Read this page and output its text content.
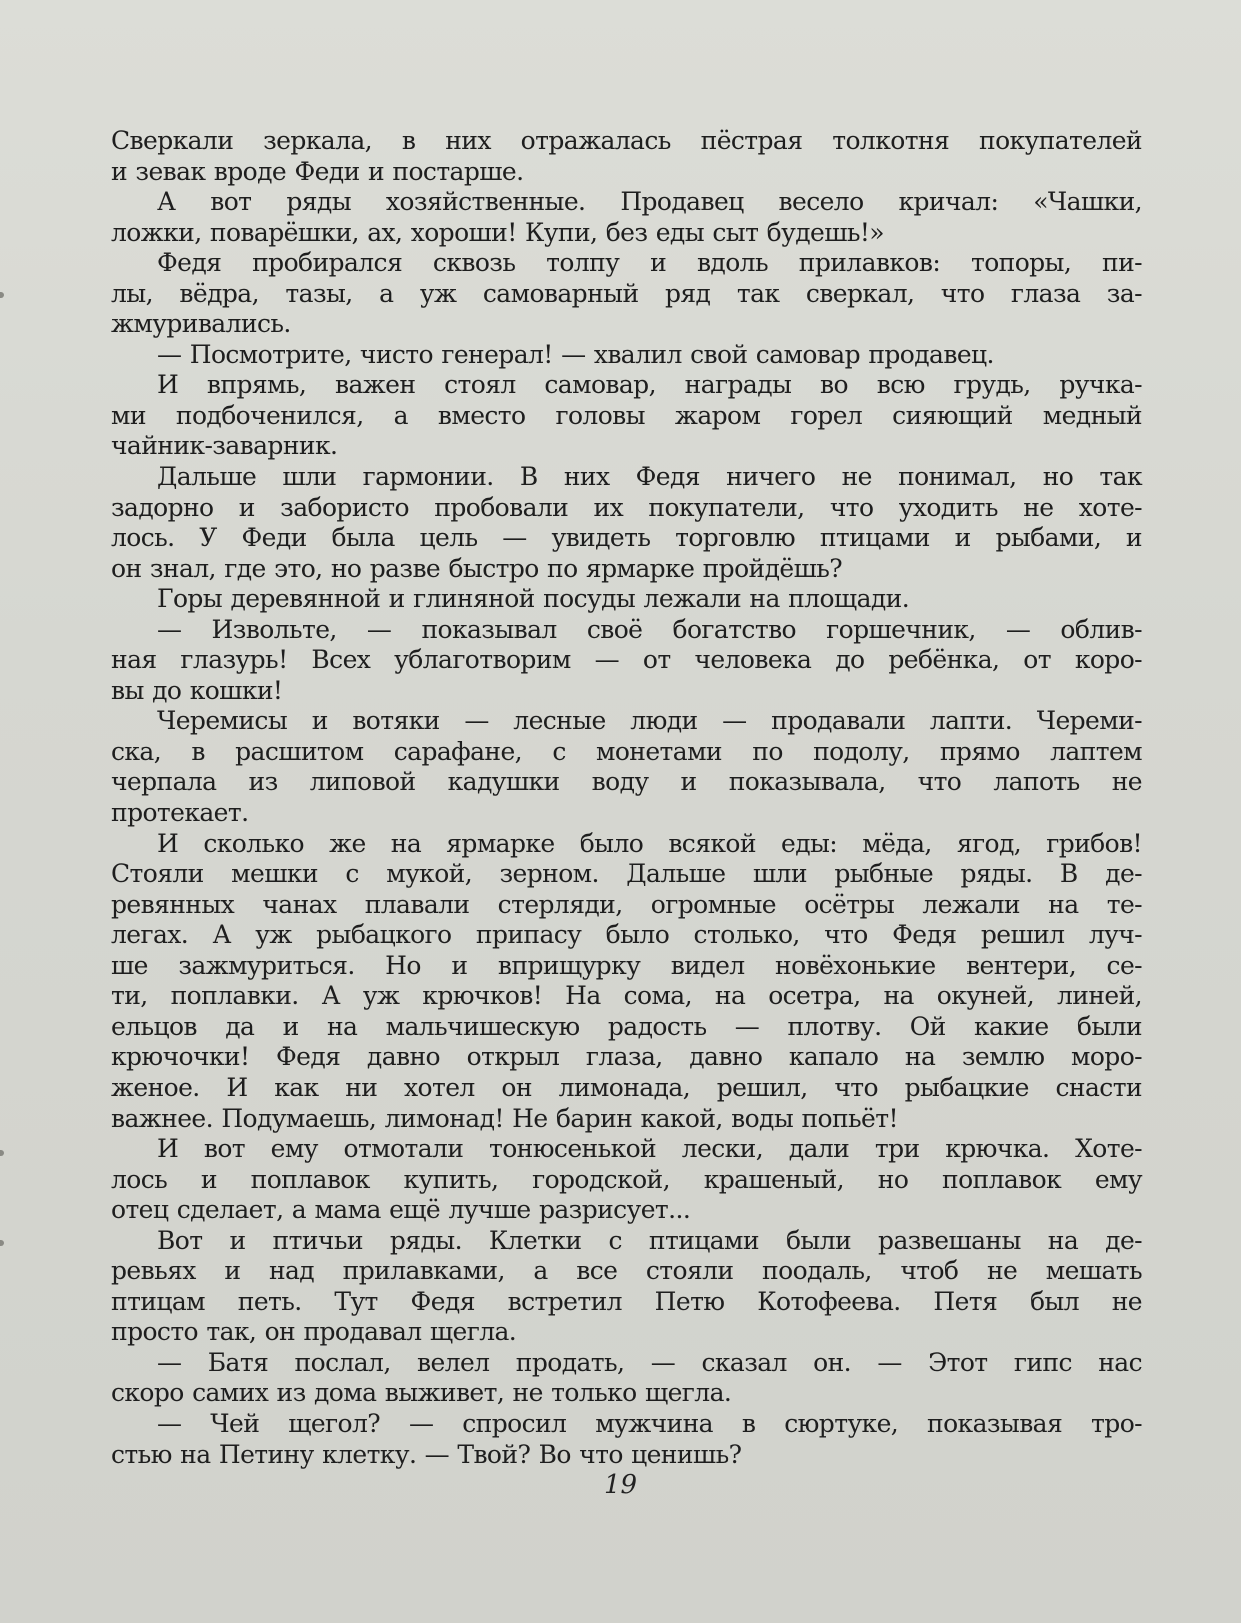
Сверкали зеркала, в них отражалась пёстрая толкотня покупателей
и зевак вроде Феди и постарше.
А вот ряды хозяйственные. Продавец весело кричал: «Чашки,
ложки, поварёшки, ах, хороши! Купи, без еды сыт будешь!»
Федя пробирался сквозь толпу и вдоль прилавков: топоры, пи-
лы, вёдра, тазы, а уж самоварный ряд так сверкал, что глаза за-
жмуривались.
— Посмотрите, чисто генерал! — хвалил свой самовар продавец.
И впрямь, важен стоял самовар, награды во всю грудь, ручка-
ми подбоченился, а вместо головы жаром горел сияющий медный
чайник-заварник.
Дальше шли гармонии. В них Федя ничего не понимал, но так
задорно и забористо пробовали их покупатели, что уходить не хоте-
лось. У Феди была цель — увидеть торговлю птицами и рыбами, и
он знал, где это, но разве быстро по ярмарке пройдёшь?
Горы деревянной и глиняной посуды лежали на площади.
— Извольте, — показывал своё богатство горшечник, — облив-
ная глазурь! Всех ублаготворим — от человека до ребёнка, от коро-
вы до кошки!
Черемисы и вотяки — лесные люди — продавали лапти. Череми-
ска, в расшитом сарафане, с монетами по подолу, прямо лаптем
черпала из липовой кадушки воду и показывала, что лапоть не
протекает.
И сколько же на ярмарке было всякой еды: мёда, ягод, грибов!
Стояли мешки с мукой, зерном. Дальше шли рыбные ряды. В де-
ревянных чанах плавали стерляди, огромные осётры лежали на те-
легах. А уж рыбацкого припасу было столько, что Федя решил луч-
ше зажмуриться. Но и вприщурку видел новёхонькие вентери, се-
ти, поплавки. А уж крючков! На сома, на осетра, на окуней, линей,
ельцов да и на мальчишескую радость — плотву. Ой какие были
крючочки! Федя давно открыл глаза, давно капало на землю моро-
женое. И как ни хотел он лимонада, решил, что рыбацкие снасти
важнее. Подумаешь, лимонад! Не барин какой, воды попьёт!
И вот ему отмотали тонюсенькой лески, дали три крючка. Хоте-
лось и поплавок купить, городской, крашеный, но поплавок ему
отец сделает, а мама ещё лучше разрисует...
Вот и птичьи ряды. Клетки с птицами были развешаны на де-
ревьях и над прилавками, а все стояли поодаль, чтоб не мешать
птицам петь. Тут Федя встретил Петю Котофеева. Петя был не
просто так, он продавал щегла.
— Батя послал, велел продать, — сказал он. — Этот гипс нас
скоро самих из дома выживет, не только щегла.
— Чей щегол? — спросил мужчина в сюртуке, показывая тро-
стью на Петину клетку. — Твой? Во что ценишь?
19
